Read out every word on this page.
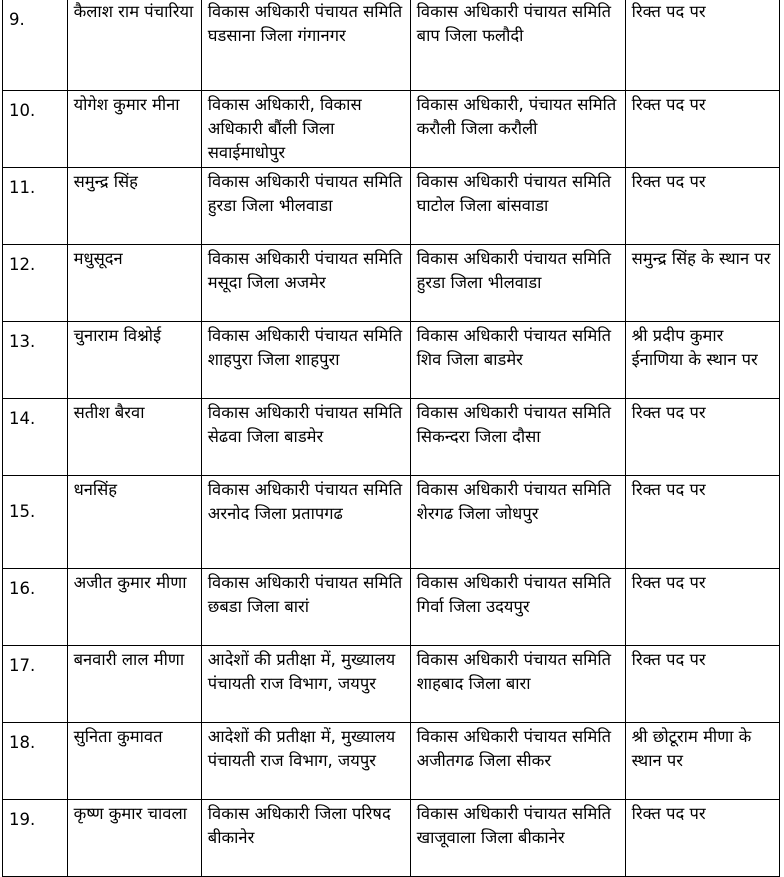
9.	कैलाश राम पंचारिया	विकास अधिकारी पंचायत समिति घडसाना जिला गंगानगर	विकास अधिकारी पंचायत समिति बाप जिला फलौदी	रिक्त पद पर
10.	योगेश कुमार मीना	विकास अधिकारी, विकास अधिकारी बौंली जिला सवाईमाधोपुर	विकास अधिकारी, पंचायत समिति करौली जिला करौली	रिक्त पद पर
11.	समुन्द्र सिंह	विकास अधिकारी पंचायत समिति हुरडा जिला भीलवाडा	विकास अधिकारी पंचायत समिति घाटोल जिला बांसवाडा	रिक्त पद पर
12.	मधुसूदन	विकास अधिकारी पंचायत समिति मसूदा जिला अजमेर	विकास अधिकारी पंचायत समिति हुरडा जिला भीलवाडा	समुन्द्र सिंह के स्थान पर
13.	चुनाराम विश्नोई	विकास अधिकारी पंचायत समिति शाहपुरा जिला शाहपुरा	विकास अधिकारी पंचायत समिति शिव जिला बाडमेर	श्री प्रदीप कुमार ईनाणिया के स्थान पर
14.	सतीश बैरवा	विकास अधिकारी पंचायत समिति सेढवा जिला बाडमेर	विकास अधिकारी पंचायत समिति सिकन्दरा जिला दौसा	रिक्त पद पर
15.	धनसिंह	विकास अधिकारी पंचायत समिति अरनोद जिला प्रतापगढ	विकास अधिकारी पंचायत समिति शेरगढ जिला जोधपुर	रिक्त पद पर
16.	अजीत कुमार मीणा	विकास अधिकारी पंचायत समिति छबडा जिला बारां	विकास अधिकारी पंचायत समिति गिर्वा जिला उदयपुर	रिक्त पद पर
17.	बनवारी लाल मीणा	आदेशों की प्रतीक्षा में, मुख्यालय पंचायती राज विभाग, जयपुर	विकास अधिकारी पंचायत समिति शाहबाद जिला बारा	रिक्त पद पर
18.	सुनिता कुमावत	आदेशों की प्रतीक्षा में, मुख्यालय पंचायती राज विभाग, जयपुर	विकास अधिकारी पंचायत समिति अजीतगढ जिला सीकर	श्री छोटूराम मीणा के स्थान पर
19.	कृष्ण कुमार चावला	विकास अधिकारी जिला परिषद बीकानेर	विकास अधिकारी पंचायत समिति खाजूवाला जिला बीकानेर	रिक्त पद पर
